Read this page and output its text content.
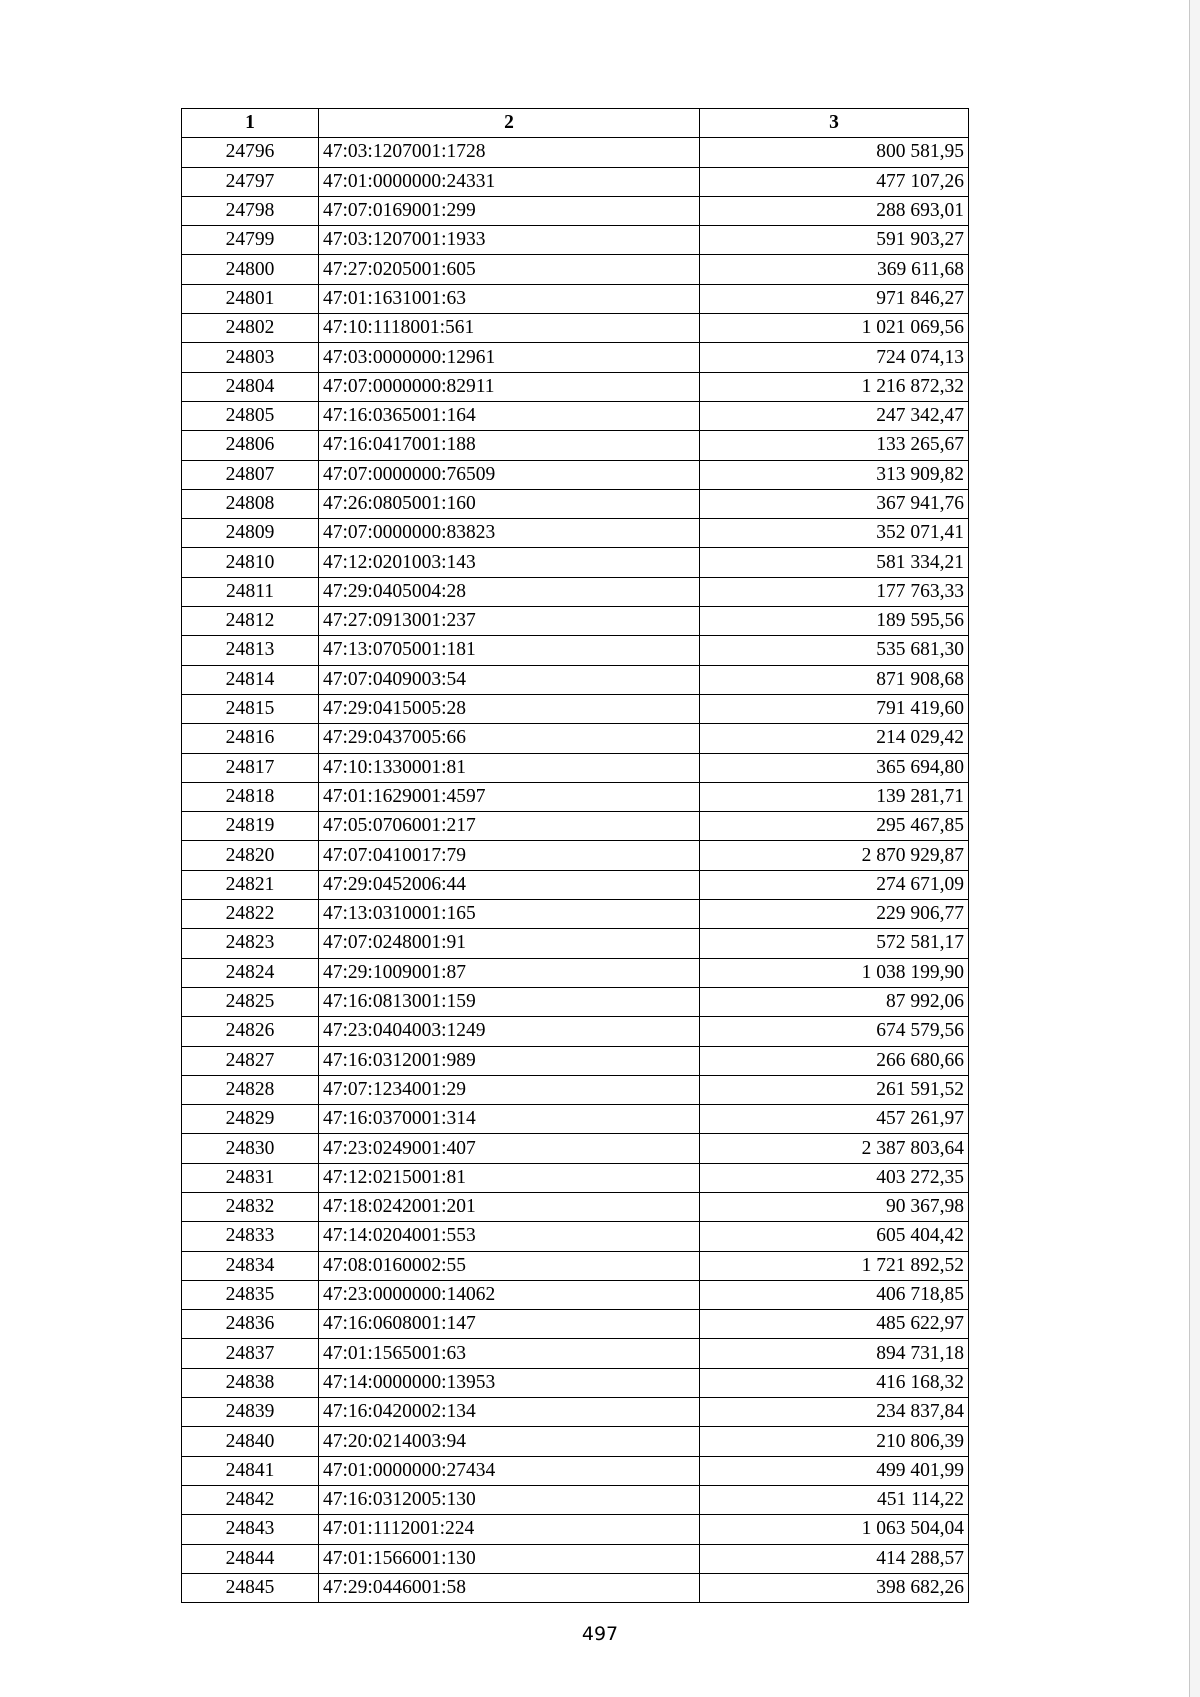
1	2	3
24796	47:03:1207001:1728	800 581,95
24797	47:01:0000000:24331	477 107,26
24798	47:07:0169001:299	288 693,01
24799	47:03:1207001:1933	591 903,27
24800	47:27:0205001:605	369 611,68
24801	47:01:1631001:63	971 846,27
24802	47:10:1118001:561	1 021 069,56
24803	47:03:0000000:12961	724 074,13
24804	47:07:0000000:82911	1 216 872,32
24805	47:16:0365001:164	247 342,47
24806	47:16:0417001:188	133 265,67
24807	47:07:0000000:76509	313 909,82
24808	47:26:0805001:160	367 941,76
24809	47:07:0000000:83823	352 071,41
24810	47:12:0201003:143	581 334,21
24811	47:29:0405004:28	177 763,33
24812	47:27:0913001:237	189 595,56
24813	47:13:0705001:181	535 681,30
24814	47:07:0409003:54	871 908,68
24815	47:29:0415005:28	791 419,60
24816	47:29:0437005:66	214 029,42
24817	47:10:1330001:81	365 694,80
24818	47:01:1629001:4597	139 281,71
24819	47:05:0706001:217	295 467,85
24820	47:07:0410017:79	2 870 929,87
24821	47:29:0452006:44	274 671,09
24822	47:13:0310001:165	229 906,77
24823	47:07:0248001:91	572 581,17
24824	47:29:1009001:87	1 038 199,90
24825	47:16:0813001:159	87 992,06
24826	47:23:0404003:1249	674 579,56
24827	47:16:0312001:989	266 680,66
24828	47:07:1234001:29	261 591,52
24829	47:16:0370001:314	457 261,97
24830	47:23:0249001:407	2 387 803,64
24831	47:12:0215001:81	403 272,35
24832	47:18:0242001:201	90 367,98
24833	47:14:0204001:553	605 404,42
24834	47:08:0160002:55	1 721 892,52
24835	47:23:0000000:14062	406 718,85
24836	47:16:0608001:147	485 622,97
24837	47:01:1565001:63	894 731,18
24838	47:14:0000000:13953	416 168,32
24839	47:16:0420002:134	234 837,84
24840	47:20:0214003:94	210 806,39
24841	47:01:0000000:27434	499 401,99
24842	47:16:0312005:130	451 114,22
24843	47:01:1112001:224	1 063 504,04
24844	47:01:1566001:130	414 288,57
24845	47:29:0446001:58	398 682,26
497
